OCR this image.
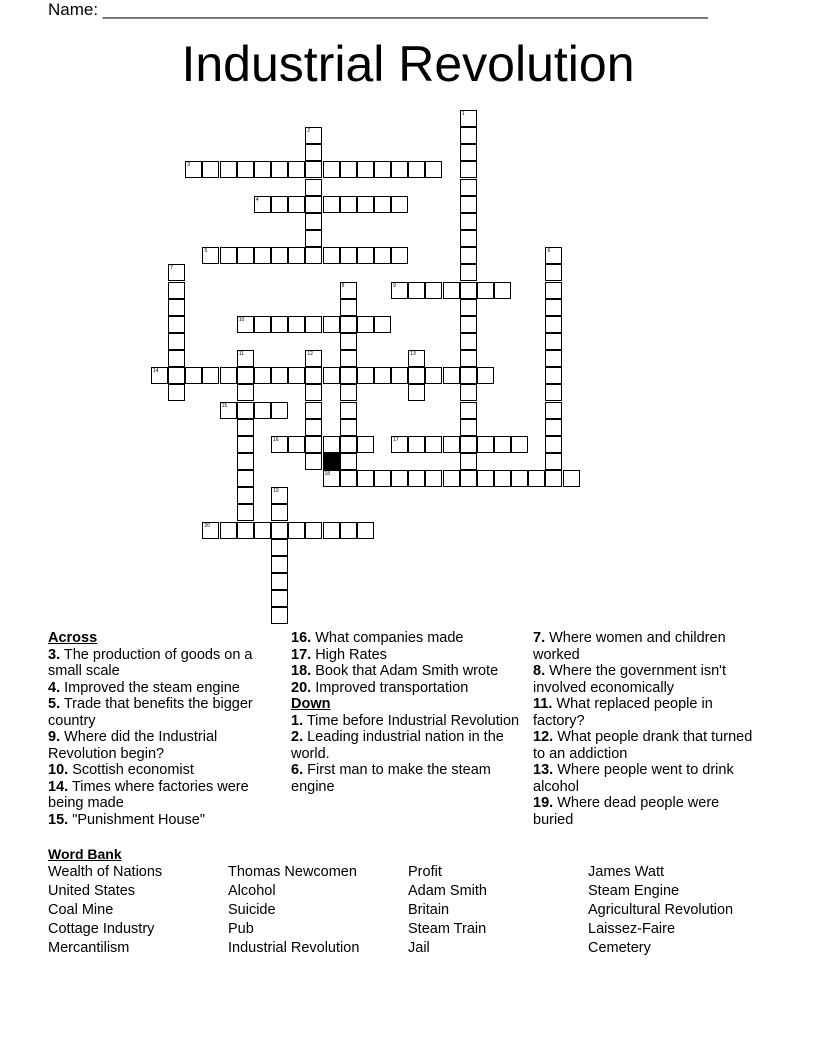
Name: ________________________________________________________________
Industrial Revolution
3
4
5
9
10
14
15
16	17
18
20
1
2
6
7
8
11	12	13
19

Across

3. The production of goods on a small scale

4. Improved the steam engine

5. Trade that benefits the bigger country

9. Where did the Industrial Revolution begin?

10. Scottish economist

14. Times where factories were being made

15. "Punishment House"

16. What companies made

17. High Rates

18. Book that Adam Smith wrote

20. Improved transportation

Down

1. Time before Industrial Revolution

2. Leading industrial nation in the world.

6. First man to make the steam engine

7. Where women and children worked

8. Where the government isn't involved economically

11. What replaced people in factory?

12. What people drank that turned to an addiction

13. Where people went to drink alcohol

19. Where dead people were buried

Word Bank
Wealth of Nations
United States
Coal Mine
Cottage Industry
Mercantilism
Thomas Newcomen
Alcohol
Suicide
Pub
Industrial Revolution
Profit
Adam Smith
Britain
Steam Train
Jail
James Watt
Steam Engine
Agricultural Revolution
Laissez-Faire
Cemetery
